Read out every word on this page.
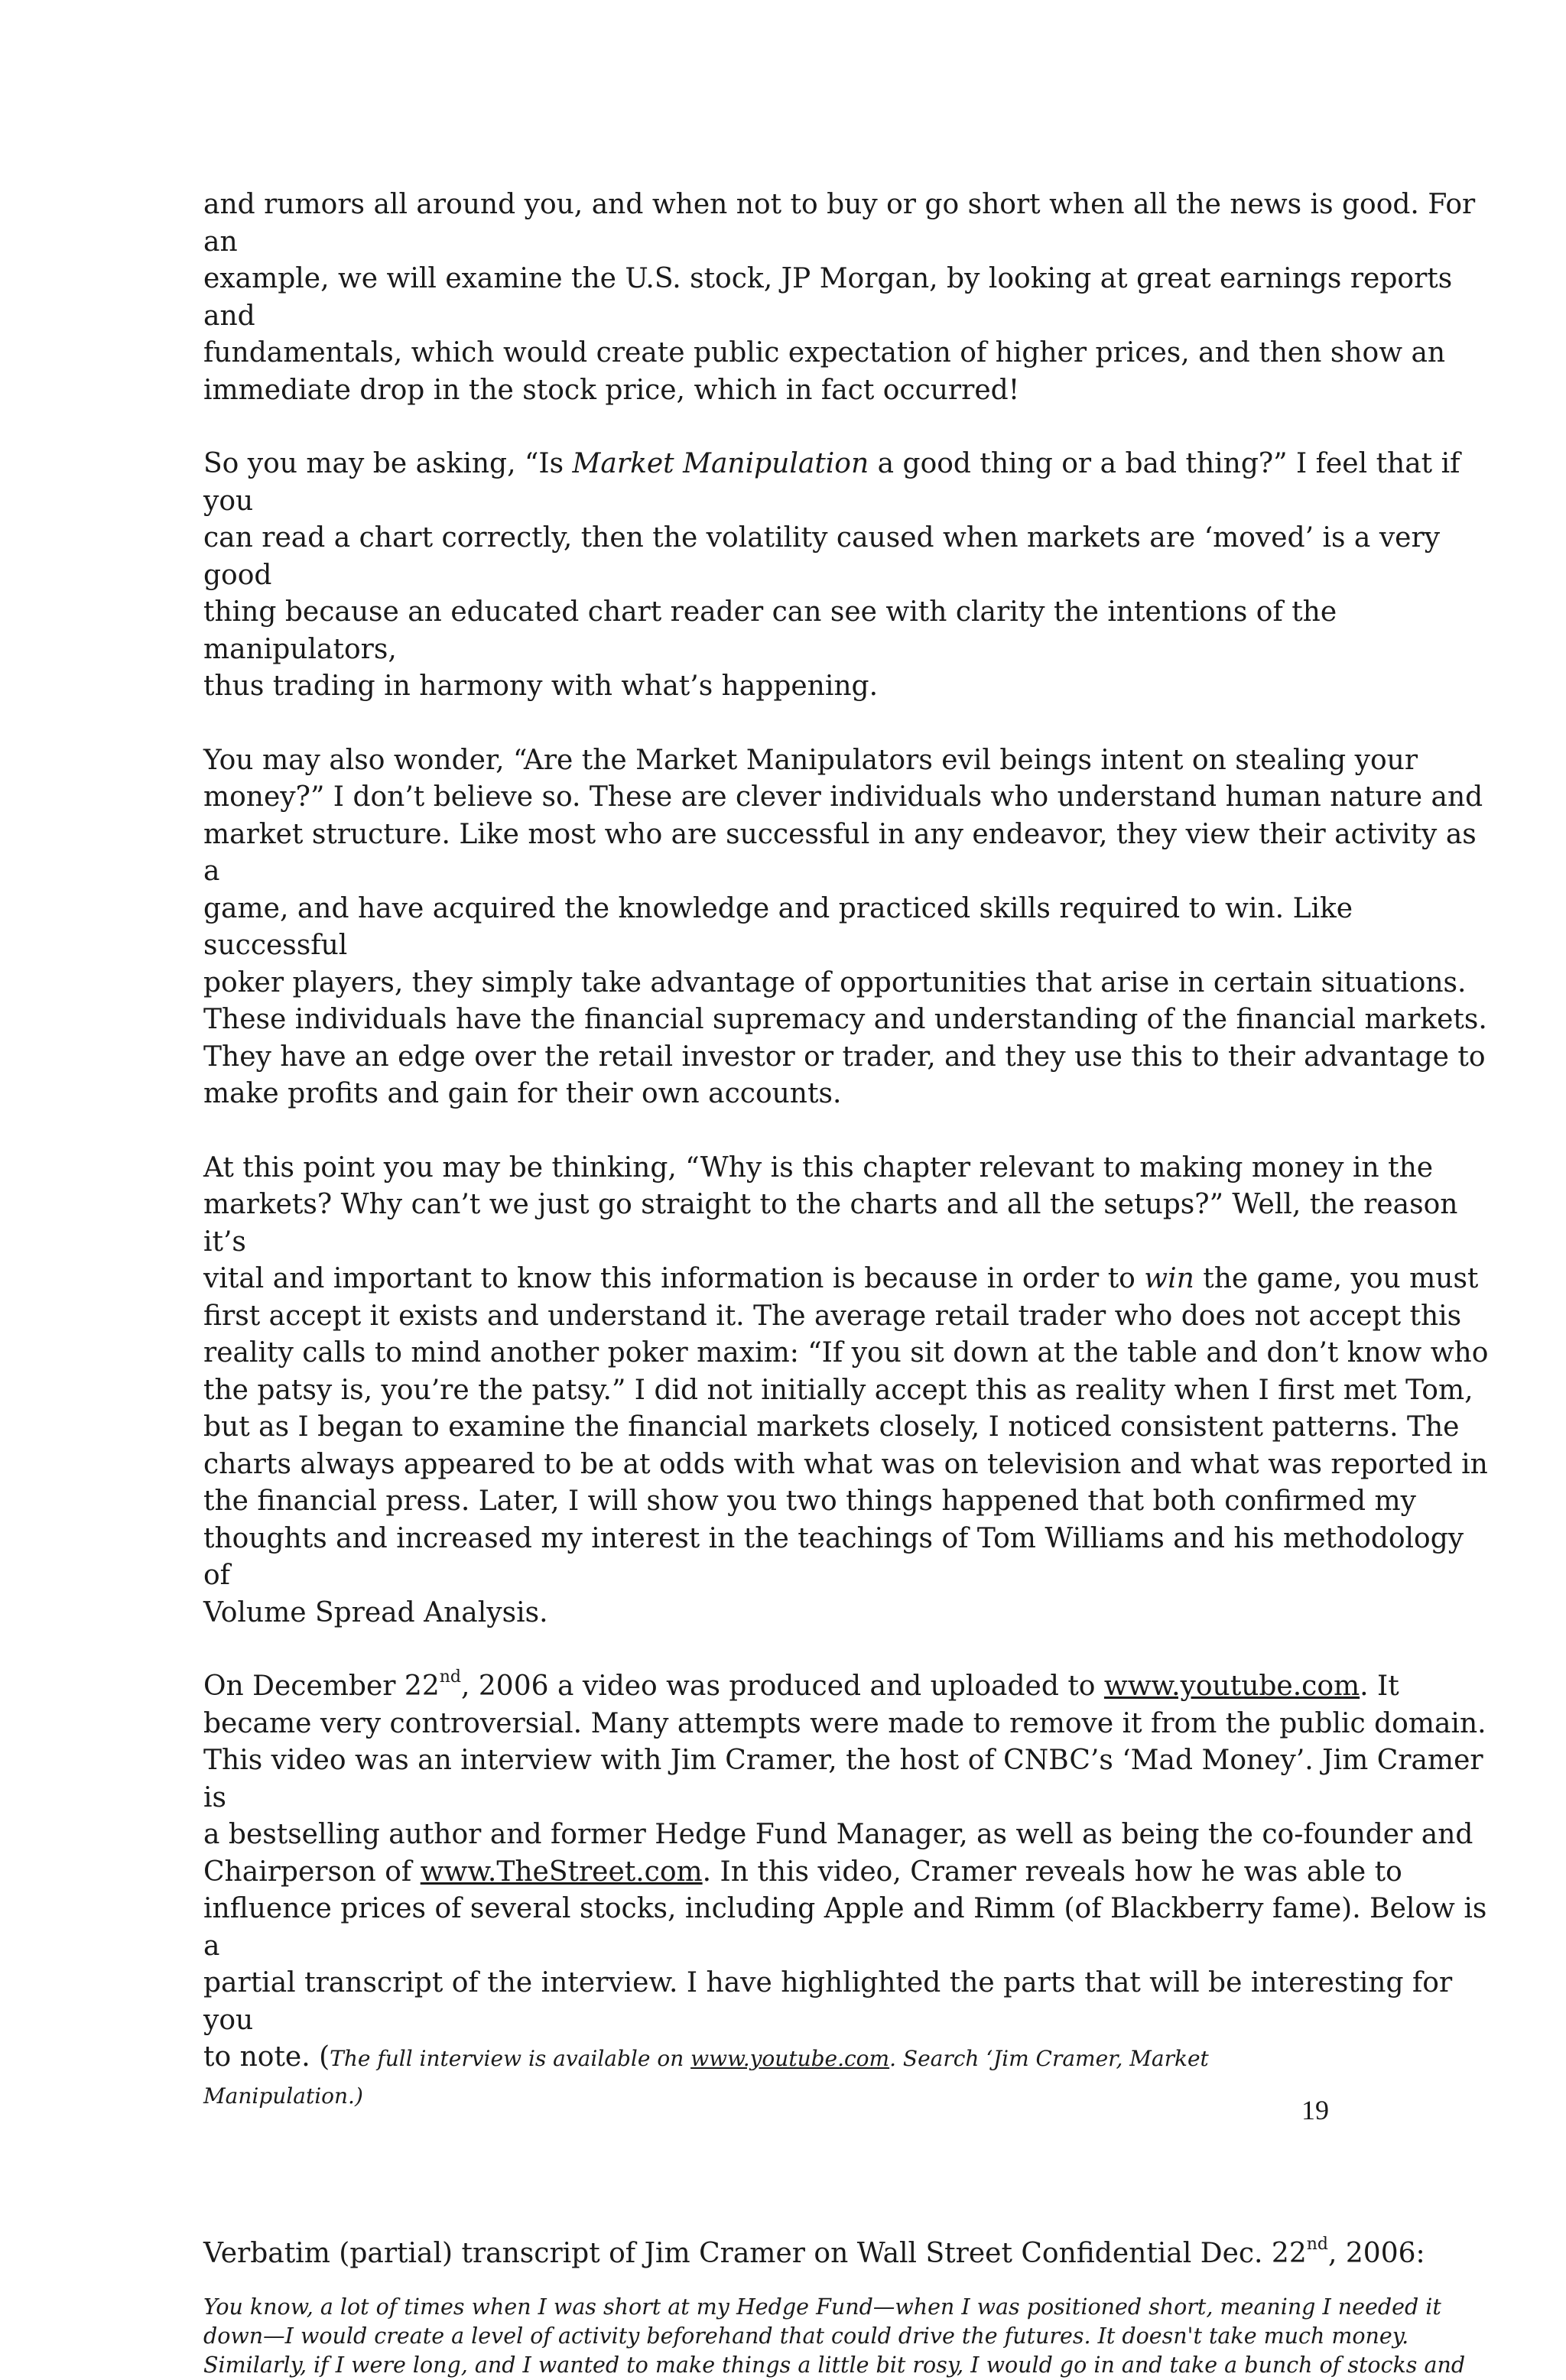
and rumors all around you, and when not to buy or go short when all the news is good. For an
example, we will examine the U.S. stock, JP Morgan, by looking at great earnings reports and
fundamentals, which would create public expectation of higher prices, and then show an
immediate drop in the stock price, which in fact occurred!

So you may be asking, “Is Market Manipulation a good thing or a bad thing?” I feel that if you
can read a chart correctly, then the volatility caused when markets are ‘moved’ is a very good
thing because an educated chart reader can see with clarity the intentions of the manipulators,
thus trading in harmony with what’s happening.

You may also wonder, “Are the Market Manipulators evil beings intent on stealing your
money?” I don’t believe so. These are clever individuals who understand human nature and
market structure. Like most who are successful in any endeavor, they view their activity as a
game, and have acquired the knowledge and practiced skills required to win. Like successful
poker players, they simply take advantage of opportunities that arise in certain situations.
These individuals have the financial supremacy and understanding of the financial markets.
They have an edge over the retail investor or trader, and they use this to their advantage to
make profits and gain for their own accounts.

At this point you may be thinking, “Why is this chapter relevant to making money in the
markets? Why can’t we just go straight to the charts and all the setups?” Well, the reason it’s
vital and important to know this information is because in order to win the game, you must
first accept it exists and understand it. The average retail trader who does not accept this
reality calls to mind another poker maxim: “If you sit down at the table and don’t know who
the patsy is, you’re the patsy.” I did not initially accept this as reality when I first met Tom,
but as I began to examine the financial markets closely, I noticed consistent patterns. The
charts always appeared to be at odds with what was on television and what was reported in
the financial press. Later, I will show you two things happened that both confirmed my
thoughts and increased my interest in the teachings of Tom Williams and his methodology of
Volume Spread Analysis.

On December 22nd, 2006 a video was produced and uploaded to www.youtube.com. It
became very controversial. Many attempts were made to remove it from the public domain.
This video was an interview with Jim Cramer, the host of CNBC’s ‘Mad Money’. Jim Cramer is
a bestselling author and former Hedge Fund Manager, as well as being the co-founder and
Chairperson of www.TheStreet.com. In this video, Cramer reveals how he was able to
influence prices of several stocks, including Apple and Rimm (of Blackberry fame). Below is a
partial transcript of the interview. I have highlighted the parts that will be interesting for you
to note. (The full interview is available on www.youtube.com. Search ‘Jim Cramer, Market
Manipulation.)

Verbatim (partial) transcript of Jim Cramer on Wall Street Confidential Dec. 22nd, 2006:

You know, a lot of times when I was short at my Hedge Fund—when I was positioned short, meaning I needed it
down—I would create a level of activity beforehand that could drive the futures. It doesn't take much money.
Similarly, if I were long, and I wanted to make things a little bit rosy, I would go in and take a bunch of stocks and

19
